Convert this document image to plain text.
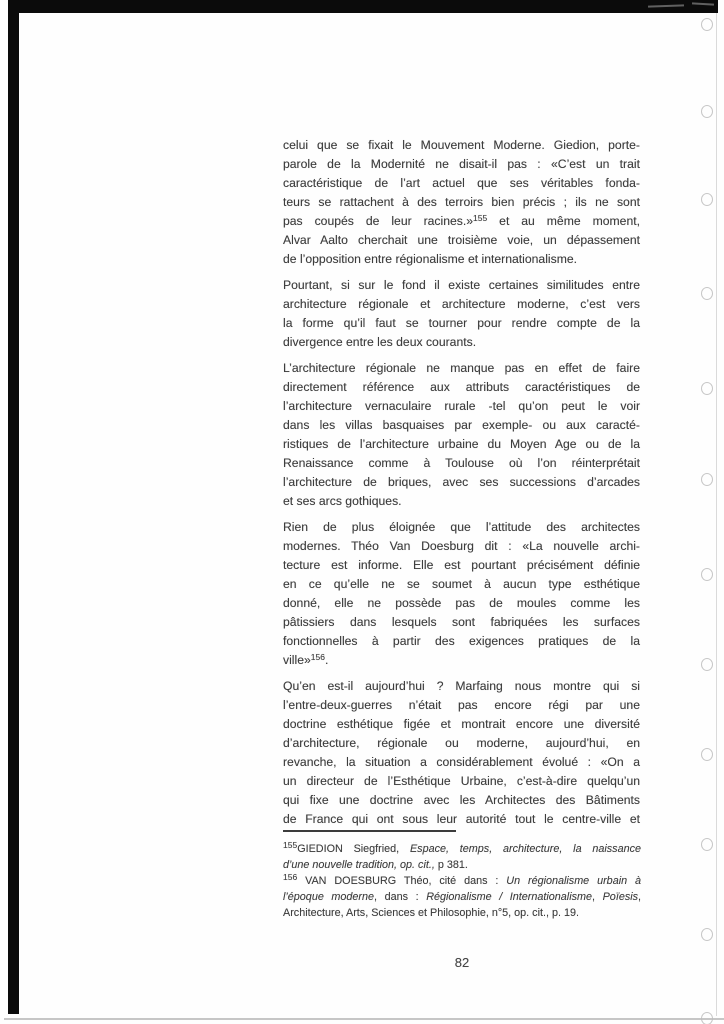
celui que se fixait le Mouvement Moderne. Giedion, porte-
parole de la Modernité ne disait-il pas : «C’est un trait
caractéristique de l’art actuel que ses véritables fonda-
teurs se rattachent à des terroirs bien précis ; ils ne sont
pas coupés de leur racines.»$^{155}$ et au même moment,
Alvar Aalto cherchait une troisième voie, un dépassement
de l’opposition entre régionalisme et internationalisme.
Pourtant, si sur le fond il existe certaines similitudes entre
architecture régionale et architecture moderne, c’est vers
la forme qu’il faut se tourner pour rendre compte de la
divergence entre les deux courants.
L’architecture régionale ne manque pas en effet de faire
directement référence aux attributs caractéristiques de
l’architecture vernaculaire rurale -tel qu’on peut le voir
dans les villas basquaises par exemple- ou aux caracté-
ristiques de l’architecture urbaine du Moyen Age ou de la
Renaissance comme à Toulouse où l’on réinterprétait
l’architecture de briques, avec ses successions d’arcades
et ses arcs gothiques.
Rien de plus éloignée que l’attitude des architectes
modernes. Théo Van Doesburg dit : «La nouvelle archi-
tecture est informe. Elle est pourtant précisément définie
en ce qu’elle ne se soumet à aucun type esthétique
donné, elle ne possède pas de moules comme les
pâtissiers dans lesquels sont fabriquées les surfaces
fonctionnelles à partir des exigences pratiques de la
ville»$^{156}$.
Qu’en est-il aujourd’hui ? Marfaing nous montre qui si
l’entre-deux-guerres n’était pas encore régi par une
doctrine esthétique figée et montrait encore une diversité
d’architecture, régionale ou moderne, aujourd’hui, en
revanche, la situation a considérablement évolué : «On a
un directeur de l’Esthétique Urbaine, c’est-à-dire quelqu’un
qui fixe une doctrine avec les Architectes des Bâtiments
de France qui ont sous leur autorité tout le centre-ville et
$^{155}$GIEDION Siegfried, Espace, temps, architecture, la naissance
d’une nouvelle tradition, op. cit., p 381.
$^{156}$ VAN DOESBURG Théo, cité dans : Un régionalisme urbain à
l’époque moderne, dans : Régionalisme / Internationalisme, Poïesis,
Architecture, Arts, Sciences et Philosophie, n°5, op. cit., p. 19.
82
